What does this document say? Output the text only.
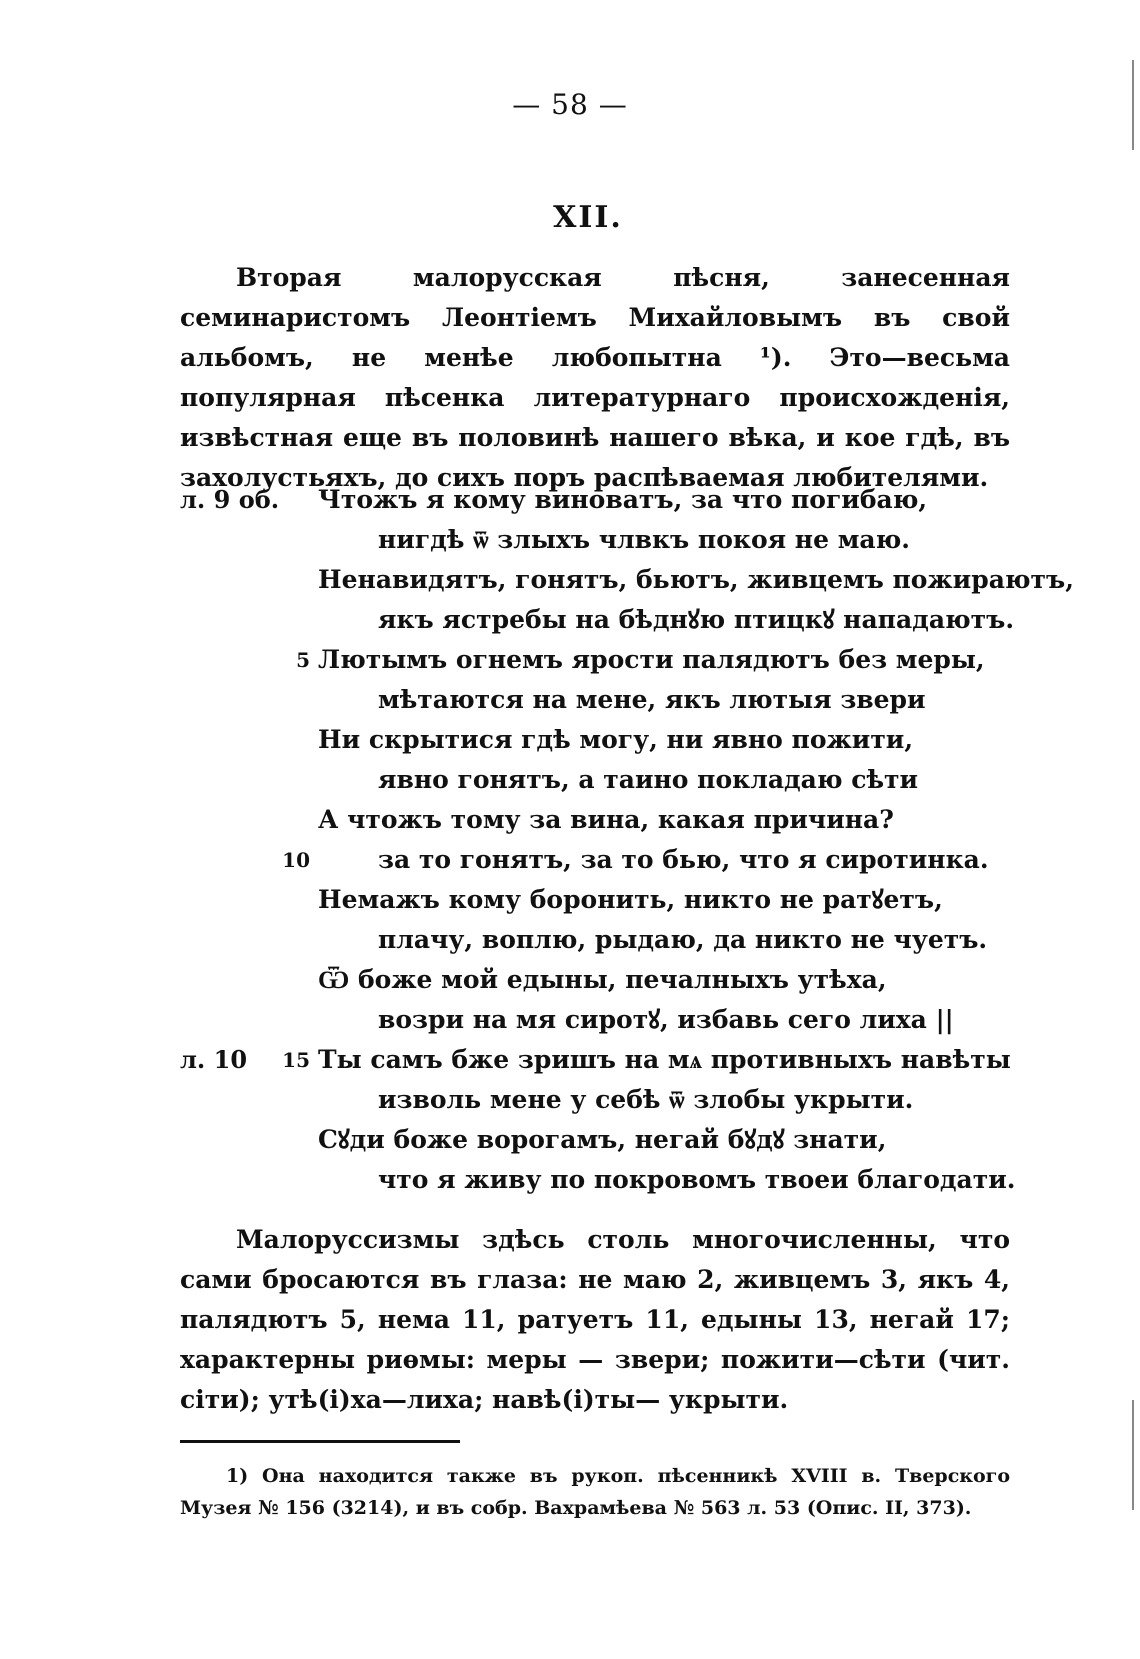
— 58 —
XII.
Вторая малорусская пѣсня, занесенная семинаристомъ Леонтіемъ Михайловымъ въ свой альбомъ, не менѣе любопытна ¹). Это—весьма популярная пѣсенка литературнаго происхожденія, извѣстная еще въ половинѣ нашего вѣка, и кое гдѣ, въ захолустьяхъ, до сихъ поръ распѣваемая любителями.
л. 9 об. Чтожъ я кому виноватъ, за что погибаю,
нигдѣ ѿ злыхъ члвкъ покоя не маю.
Ненавидятъ, гонятъ, бьютъ, живцемъ пожираютъ,
якъ ястребы на бѣднꙋю птицкꙋ нападаютъ.
5 Лютымъ огнемъ ярости палядютъ без меры,
мѣтаются на мене, якъ лютыя звери
Ни скрытися гдѣ могу, ни явно пожити,
явно гонятъ, а таино покладаю сѣти
А чтожъ тому за вина, какая причина?
10	за то гонятъ, за то бью, что я сиротинка.
Немажъ кому боронить, никто не ратꙋетъ,
плачу, воплю, рыдаю, да никто не чуетъ.
Ѿ боже мой едыны, печалныхъ утѣха,
возри на мя сиротꙋ, избавь сего лиха ||
л. 10	15 Ты самъ бже зришъ на мѧ противныхъ навѣты
изволь мене у себѣ ѿ злобы укрыти.
Сꙋди боже ворогамъ, негай бꙋдꙋ знати,
что я живу по покровомъ твоеи благодати.
Малоруссизмы здѣсь столь многочисленны, что сами бросаются въ глаза: не маю 2, живцемъ 3, якъ 4, палядютъ 5, нема 11, ратуетъ 11, едыны 13, негай 17; характерны риѳмы: меры — звери; пожити—сѣти (чит. сiти); утѣ(i)ха—лиха; навѣ(i)ты— укрыти.
1) Она находится также въ рукоп. пѣсенникѣ XVIII в. Тверского Музея № 156 (3214), и въ собр. Вахрамѣева № 563 л. 53 (Опис. II, 373).
